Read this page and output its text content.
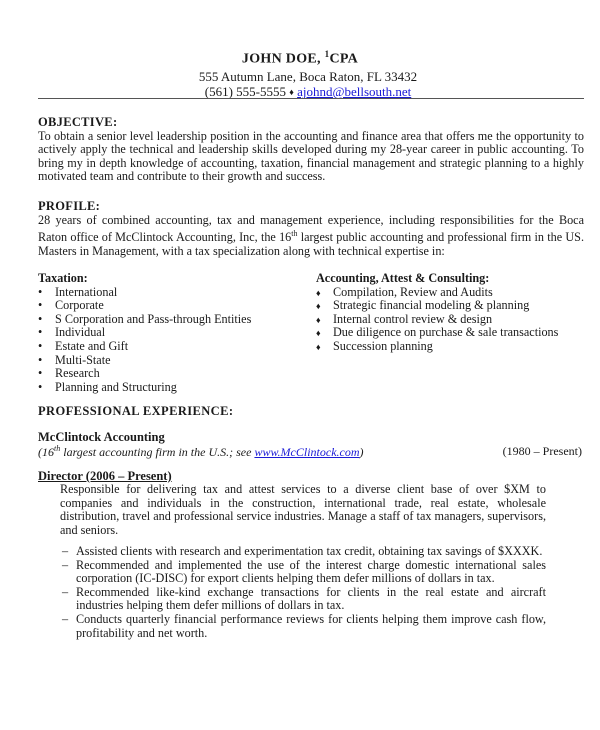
JOHN DOE, $^1$CPA
555 Autumn Lane, Boca Raton, FL 33432
(561) 555-5555 ♦ ajohnd@bellsouth.net
OBJECTIVE:
To obtain a senior level leadership position in the accounting and finance area that offers me the opportunity to actively apply the technical and leadership skills developed during my 28-year career in public accounting. To bring my in depth knowledge of accounting, taxation, financial management and strategic planning to a highly motivated team and contribute to their growth and success.
PROFILE:
28 years of combined accounting, tax and management experience, including responsibilities for the Boca Raton office of McClintock Accounting, Inc, the 16th largest public accounting and professional firm in the US. Masters in Management, with a tax specialization along with technical expertise in:
Taxation:
• International
• Corporate
• S Corporation and Pass-through Entities
• Individual
• Estate and Gift
• Multi-State
• Research
• Planning and Structuring
Accounting, Attest & Consulting:
♦ Compilation, Review and Audits
♦ Strategic financial modeling & planning
♦ Internal control review & design
♦ Due diligence on purchase & sale transactions
♦ Succession planning
PROFESSIONAL EXPERIENCE:
McClintock Accounting
(16th largest accounting firm in the U.S.; see www.McClintock.com)	(1980 – Present)
Director (2006 – Present)
Responsible for delivering tax and attest services to a diverse client base of over $XM to companies and individuals in the construction, international trade, real estate, wholesale distribution, travel and professional service industries. Manage a staff of tax managers, supervisors, and seniors.
– Assisted clients with research and experimentation tax credit, obtaining tax savings of $XXXK.
– Recommended and implemented the use of the interest charge domestic international sales corporation (IC-DISC) for export clients helping them defer millions of dollars in tax.
– Recommended like-kind exchange transactions for clients in the real estate and aircraft industries helping them defer millions of dollars in tax.
– Conducts quarterly financial performance reviews for clients helping them improve cash flow, profitability and net worth.
